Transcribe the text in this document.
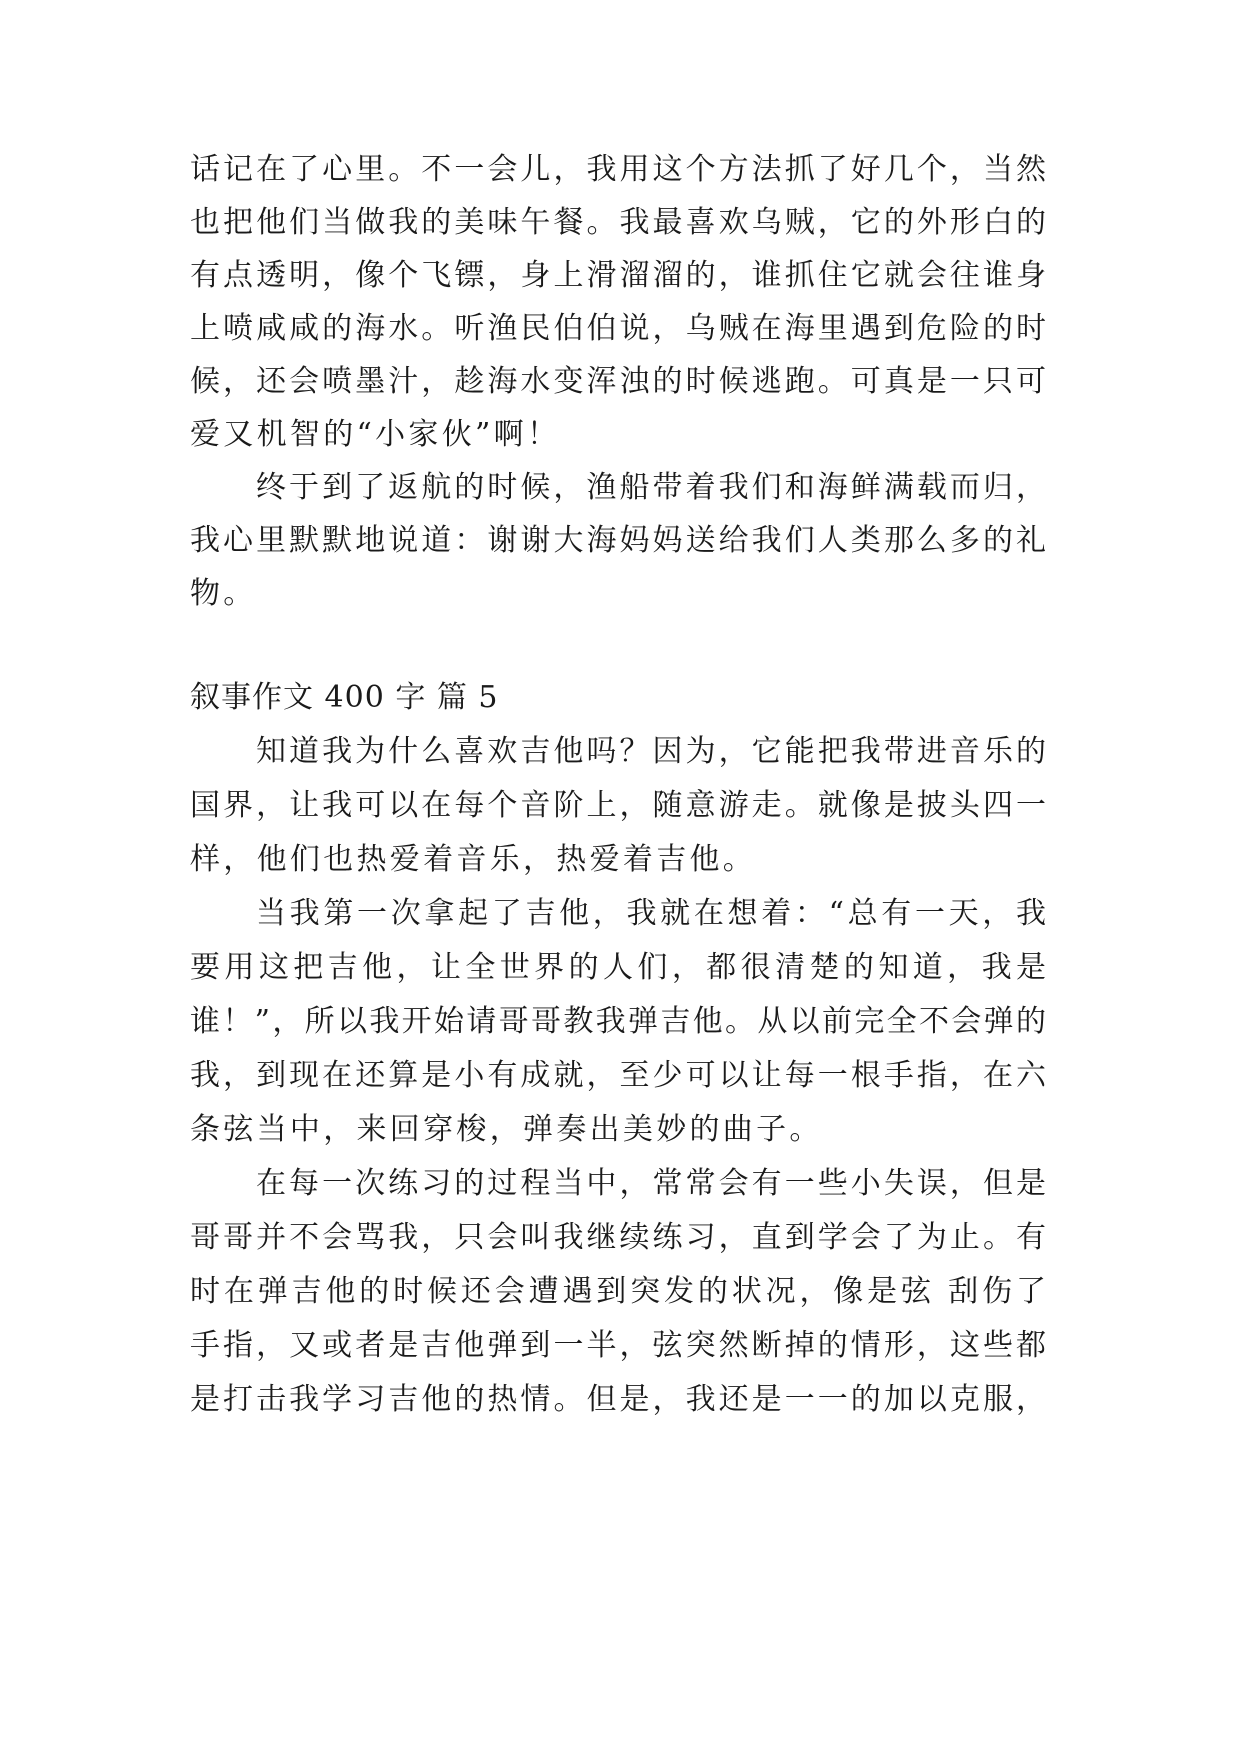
话记在了心里。不一会儿，我用这个方法抓了好几个，当然
也把他们当做我的美味午餐。我最喜欢乌贼，它的外形白的
有点透明，像个飞镖，身上滑溜溜的，谁抓住它就会往谁身
上喷咸咸的海水。听渔民伯伯说，乌贼在海里遇到危险的时
候，还会喷墨汁，趁海水变浑浊的时候逃跑。可真是一只可
爱又机智的“小家伙”啊！
终于到了返航的时候，渔船带着我们和海鲜满载而归，
我心里默默地说道：谢谢大海妈妈送给我们人类那么多的礼
物。
叙事作文 400 字 篇 5
知道我为什么喜欢吉他吗？因为，它能把我带进音乐的
国界，让我可以在每个音阶上，随意游走。就像是披头四一
样，他们也热爱着音乐，热爱着吉他。
当我第一次拿起了吉他，我就在想着：“总有一天，我
要用这把吉他，让全世界的人们，都很清楚的知道，我是
谁！”，所以我开始请哥哥教我弹吉他。从以前完全不会弹的
我，到现在还算是小有成就，至少可以让每一根手指，在六
条弦当中，来回穿梭，弹奏出美妙的曲子。
在每一次练习的过程当中，常常会有一些小失误，但是
哥哥并不会骂我，只会叫我继续练习，直到学会了为止。有
时在弹吉他的时候还会遭遇到突发的状况，像是弦 刮伤了
手指，又或者是吉他弹到一半，弦突然断掉的情形，这些都
是打击我学习吉他的热情。但是，我还是一一的加以克服，
